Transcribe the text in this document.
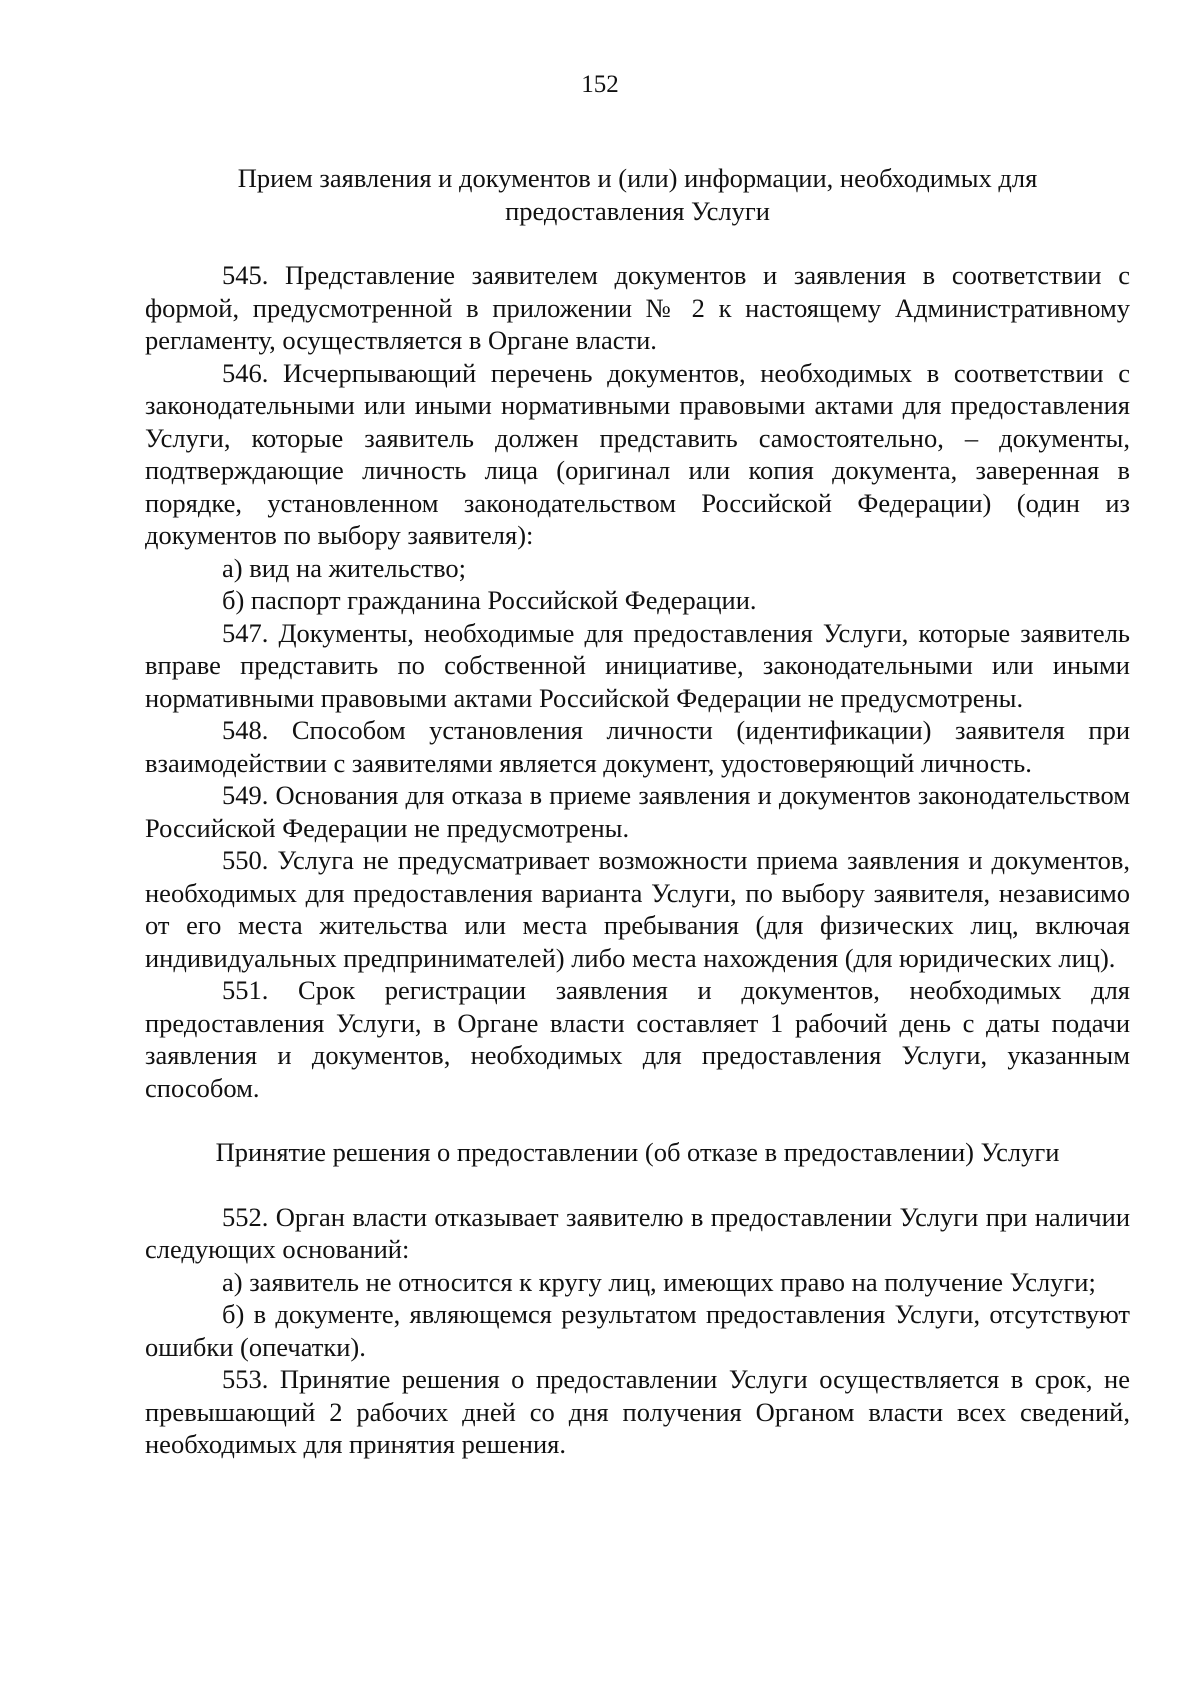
152
Прием заявления и документов и (или) информации, необходимых для
предоставления Услуги

545. Представление заявителем документов и заявления в соответствии с формой, предусмотренной в приложении № 2 к настоящему Административному регламенту, осуществляется в Органе власти.

546. Исчерпывающий перечень документов, необходимых в соответствии с законодательными или иными нормативными правовыми актами для предоставления Услуги, которые заявитель должен представить самостоятельно, – документы, подтверждающие личность лица (оригинал или копия документа, заверенная в порядке, установленном законодательством Российской Федерации) (один из документов по выбору заявителя):

а) вид на жительство;

б) паспорт гражданина Российской Федерации.

547. Документы, необходимые для предоставления Услуги, которые заявитель вправе представить по собственной инициативе, законодательными или иными нормативными правовыми актами Российской Федерации не предусмотрены.

548. Способом установления личности (идентификации) заявителя при взаимодействии с заявителями является документ, удостоверяющий личность.

549. Основания для отказа в приеме заявления и документов законодательством Российской Федерации не предусмотрены.

550. Услуга не предусматривает возможности приема заявления и документов, необходимых для предоставления варианта Услуги, по выбору заявителя, независимо от его места жительства или места пребывания (для физических лиц, включая индивидуальных предпринимателей) либо места нахождения (для юридических лиц).

551. Срок регистрации заявления и документов, необходимых для предоставления Услуги, в Органе власти составляет 1 рабочий день с даты подачи заявления и документов, необходимых для предоставления Услуги, указанным способом.

Принятие решения о предоставлении (об отказе в предоставлении) Услуги

552. Орган власти отказывает заявителю в предоставлении Услуги при наличии следующих оснований:

а) заявитель не относится к кругу лиц, имеющих право на получение Услуги;

б) в документе, являющемся результатом предоставления Услуги, отсутствуют ошибки (опечатки).

553. Принятие решения о предоставлении Услуги осуществляется в срок, не превышающий 2 рабочих дней со дня получения Органом власти всех сведений, необходимых для принятия решения.
